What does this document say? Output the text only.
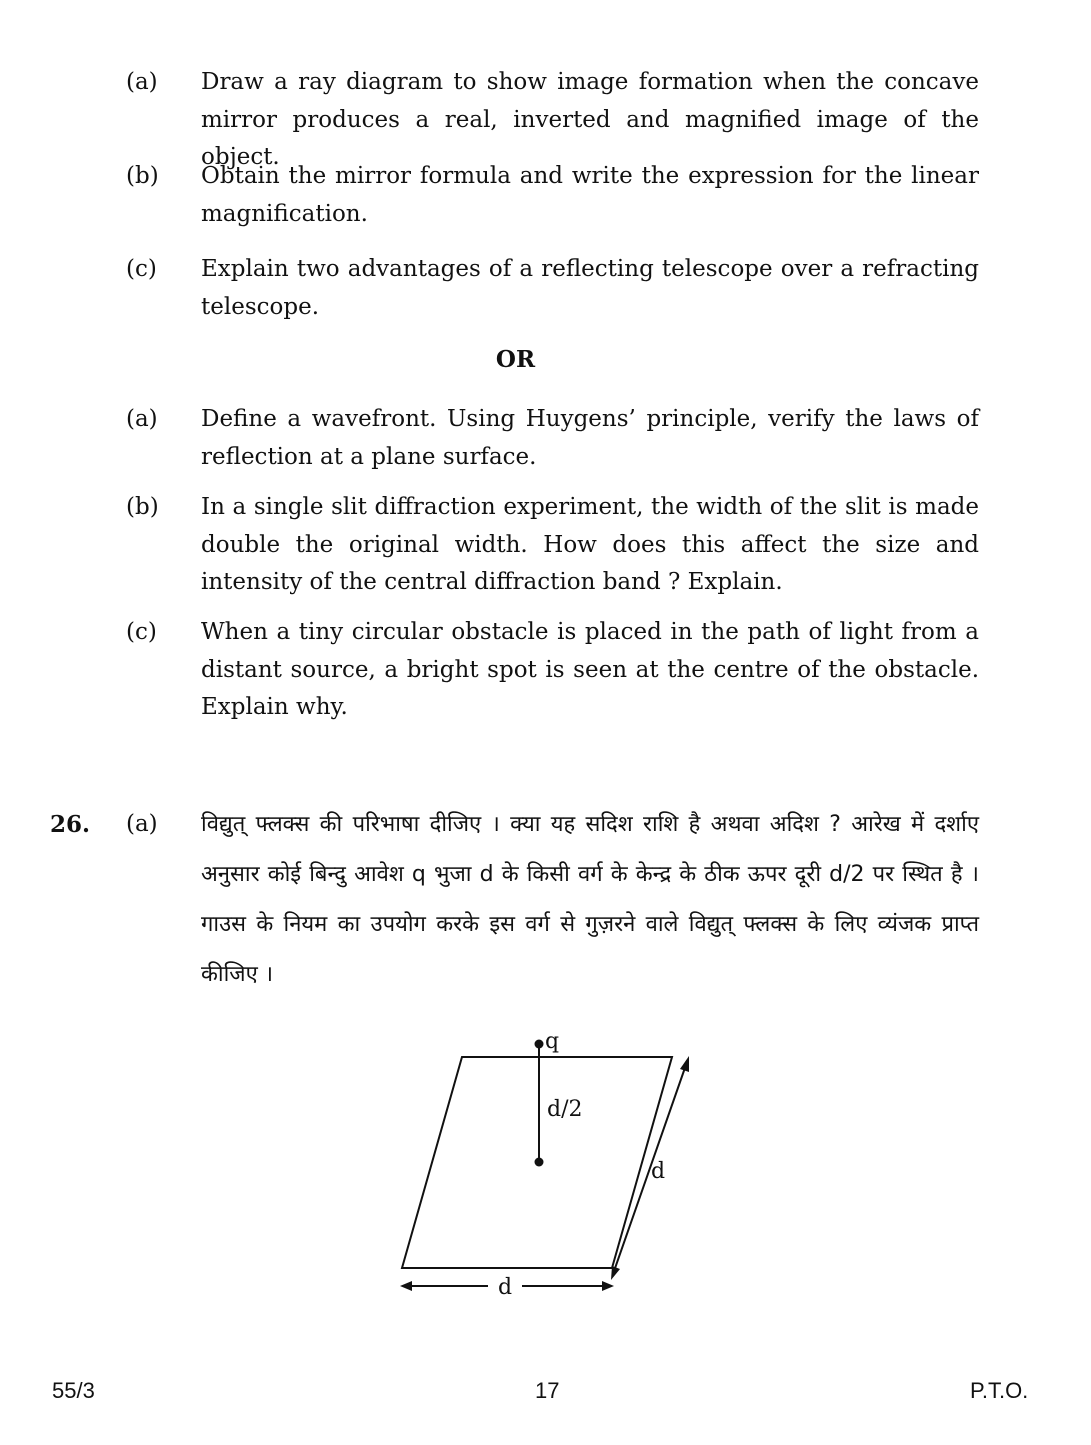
(a) Draw a ray diagram to show image formation when the concave mirror produces a real, inverted and magnified image of the object.
(b) Obtain the mirror formula and write the expression for the linear magnification.
(c) Explain two advantages of a reflecting telescope over a refracting telescope.
OR
(a) Define a wavefront. Using Huygens’ principle, verify the laws of reflection at a plane surface.
(b) In a single slit diffraction experiment, the width of the slit is made double the original width. How does this affect the size and intensity of the central diffraction band ? Explain.
(c) When a tiny circular obstacle is placed in the path of light from a distant source, a bright spot is seen at the centre of the obstacle. Explain why.
26. (a) विद्युत् फ्लक्स की परिभाषा दीजिए । क्या यह सदिश राशि है अथवा अदिश ? आरेख में दर्शाए अनुसार कोई बिन्दु आवेश q भुजा d के किसी वर्ग के केन्द्र के ठीक ऊपर दूरी d/2 पर स्थित है । गाउस के नियम का उपयोग करके इस वर्ग से गुज़रने वाले विद्युत् फ्लक्स के लिए व्यंजक प्राप्त कीजिए ।
q
d/2
d
d
55/3	17	P.T.O.
